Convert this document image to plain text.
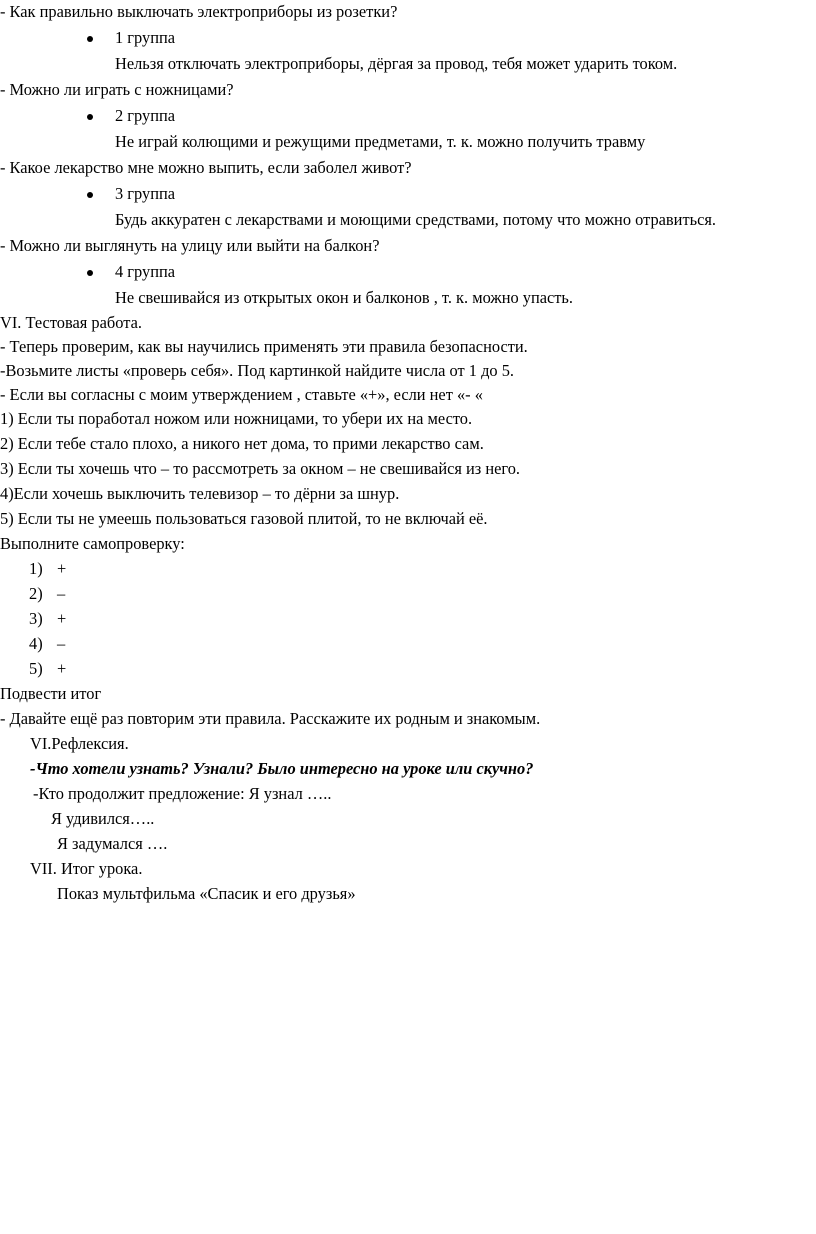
- Как правильно выключать электроприборы из розетки?
1 группа
Нельзя отключать электроприборы, дёргая за провод, тебя может ударить током.
- Можно ли играть с ножницами?
2 группа
Не играй колющими и режущими предметами, т. к. можно получить травму
- Какое лекарство мне можно выпить, если заболел живот?
3 группа
Будь аккуратен с лекарствами и моющими средствами, потому что можно отравиться.
- Можно ли выглянуть на улицу или выйти на балкон?
4 группа
Не свешивайся из открытых окон и балконов , т. к. можно упасть.
VI. Тестовая работа.
- Теперь проверим, как вы научились применять эти правила безопасности.
-Возьмите листы «проверь себя». Под картинкой найдите числа от 1 до 5.
- Если вы согласны с моим утверждением , ставьте «+», если нет «- «
1) Если ты поработал ножом или ножницами, то убери их на место.
2) Если тебе стало плохо, а никого нет дома, то прими лекарство сам.
3) Если ты хочешь что – то рассмотреть за окном – не свешивайся из него.
4)Если хочешь выключить телевизор – то дёрни за шнур.
5) Если ты не умеешь пользоваться газовой плитой, то не включай её.
Выполните самопроверку:
1) +
2) –
3) +
4) –
5) +
Подвести итог
- Давайте ещё раз повторим эти правила. Расскажите их родным и знакомым.
VI.Рефлексия.
-Что хотели узнать? Узнали? Было интересно на уроке или скучно?
-Кто продолжит предложение: Я узнал …..
Я удивился…..
Я задумался ….
VII. Итог урока.
Показ мультфильма «Спасик и его друзья»
